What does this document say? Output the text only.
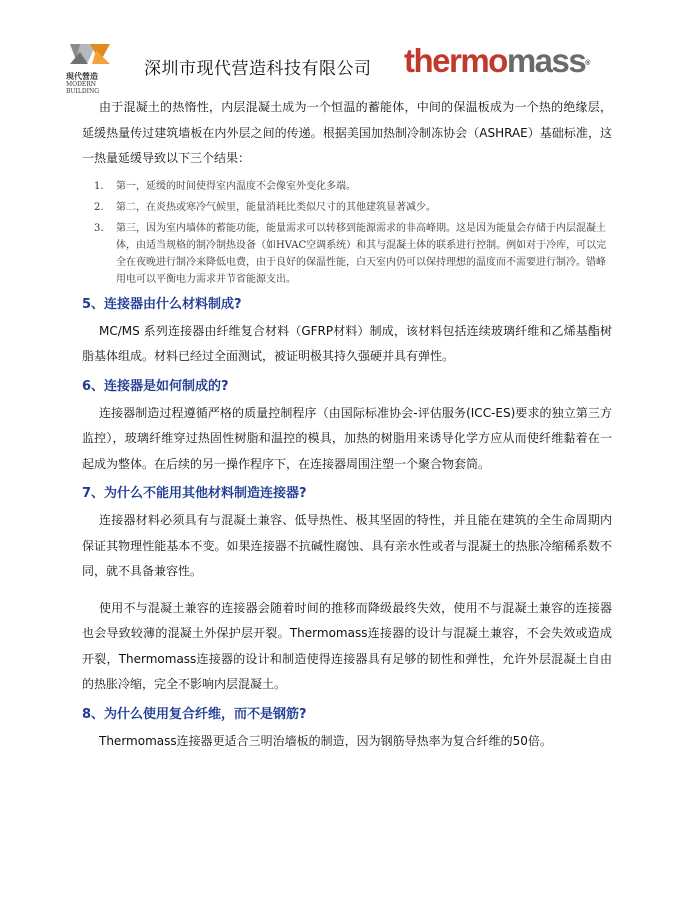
現代營造
MODERN BUILDING
深圳市现代营造科技有限公司 thermomass®

由于混凝土的热惰性，内层混凝土成为一个恒温的蓄能体，中间的保温板成为一个热的绝缘层，延缓热量传过建筑墙板在内外层之间的传递。根据美国加热制冷制冻协会（ASHRAE）基础标准，这一热量延缓导致以下三个结果：

1. 第一，延缓的时间使得室内温度不会像室外变化多端。
2. 第二，在炎热或寒冷气候里，能量消耗比类似尺寸的其他建筑显著减少。
3. 第三，因为室内墙体的蓄能功能，能量需求可以转移到能源需求的非高峰期。这是因为能量会存储于内层混凝土体，由适当规格的制冷制热设备（如HVAC空调系统）和其与混凝土体的联系进行控制。例如对于冷库，可以完全在夜晚进行制冷来降低电费，由于良好的保温性能，白天室内仍可以保持理想的温度而不需要进行制冷。错峰用电可以平衡电力需求并节省能源支出。
5、连接器由什么材料制成?

MC/MS 系列连接器由纤维复合材料（GFRP材料）制成，该材料包括连续玻璃纤维和乙烯基酯树脂基体组成。材料已经过全面测试，被证明极其持久强硬并具有弹性。

6、连接器是如何制成的?

连接器制造过程遵循严格的质量控制程序（由国际标准协会-评估服务(ICC-ES)要求的独立第三方监控），玻璃纤维穿过热固性树脂和温控的模具，加热的树脂用来诱导化学方应从而使纤维黏着在一起成为整体。在后续的另一操作程序下，在连接器周围注塑一个聚合物套筒。

7、为什么不能用其他材料制造连接器?

连接器材料必须具有与混凝土兼容、低导热性、极其坚固的特性，并且能在建筑的全生命周期内保证其物理性能基本不变。如果连接器不抗碱性腐蚀、具有亲水性或者与混凝土的热胀冷缩稀系数不同，就不具备兼容性。

使用不与混凝土兼容的连接器会随着时间的推移而降级最终失效，使用不与混凝土兼容的连接器也会导致较薄的混凝土外保护层开裂。Thermomass连接器的设计与混凝土兼容，不会失效或造成开裂，Thermomass连接器的设计和制造使得连接器具有足够的韧性和弹性，允许外层混凝土自由的热胀冷缩，完全不影响内层混凝土。

8、为什么使用复合纤维，而不是钢筋?

Thermomass连接器更适合三明治墙板的制造，因为钢筋导热率为复合纤维的50倍。
